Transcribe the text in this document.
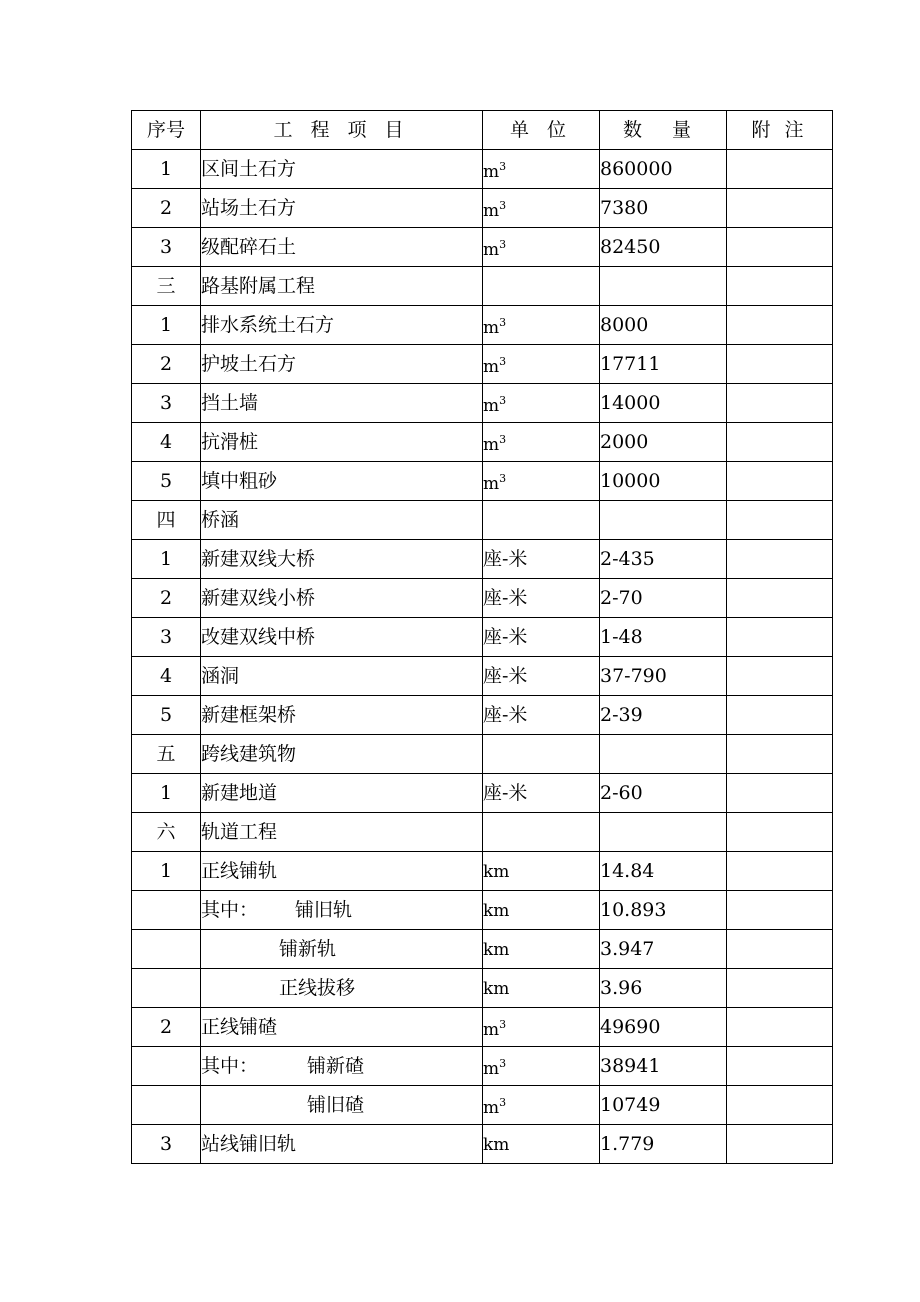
序号	工 程 项 目	单 位	数 量	附 注
1	区间土石方	$m^3$	860000	
2	站场土石方	$m^3$	7380	
3	级配碎石土	$m^3$	82450	
三	路基附属工程			
1	排水系统土石方	$m^3$	8000	
2	护坡土石方	$m^3$	17711	
3	挡土墙	$m^3$	14000	
4	抗滑桩	$m^3$	2000	
5	填中粗砂	$m^3$	10000	
四	桥涵			
1	新建双线大桥	座-米	2-435	
2	新建双线小桥	座-米	2-70	
3	改建双线中桥	座-米	1-48	
4	涵洞	座-米	37-790	
5	新建框架桥	座-米	2-39	
五	跨线建筑物			
1	新建地道	座-米	2-60	
六	轨道工程			
1	正线铺轨	km	14.84	
	其中： 铺旧轨	km	10.893	
	铺新轨	km	3.947	
	正线拔移	km	3.96	
2	正线铺碴	$m^3$	49690	
	其中： 铺新碴	$m^3$	38941	
	铺旧碴	$m^3$	10749	
3	站线铺旧轨	km	1.779	
